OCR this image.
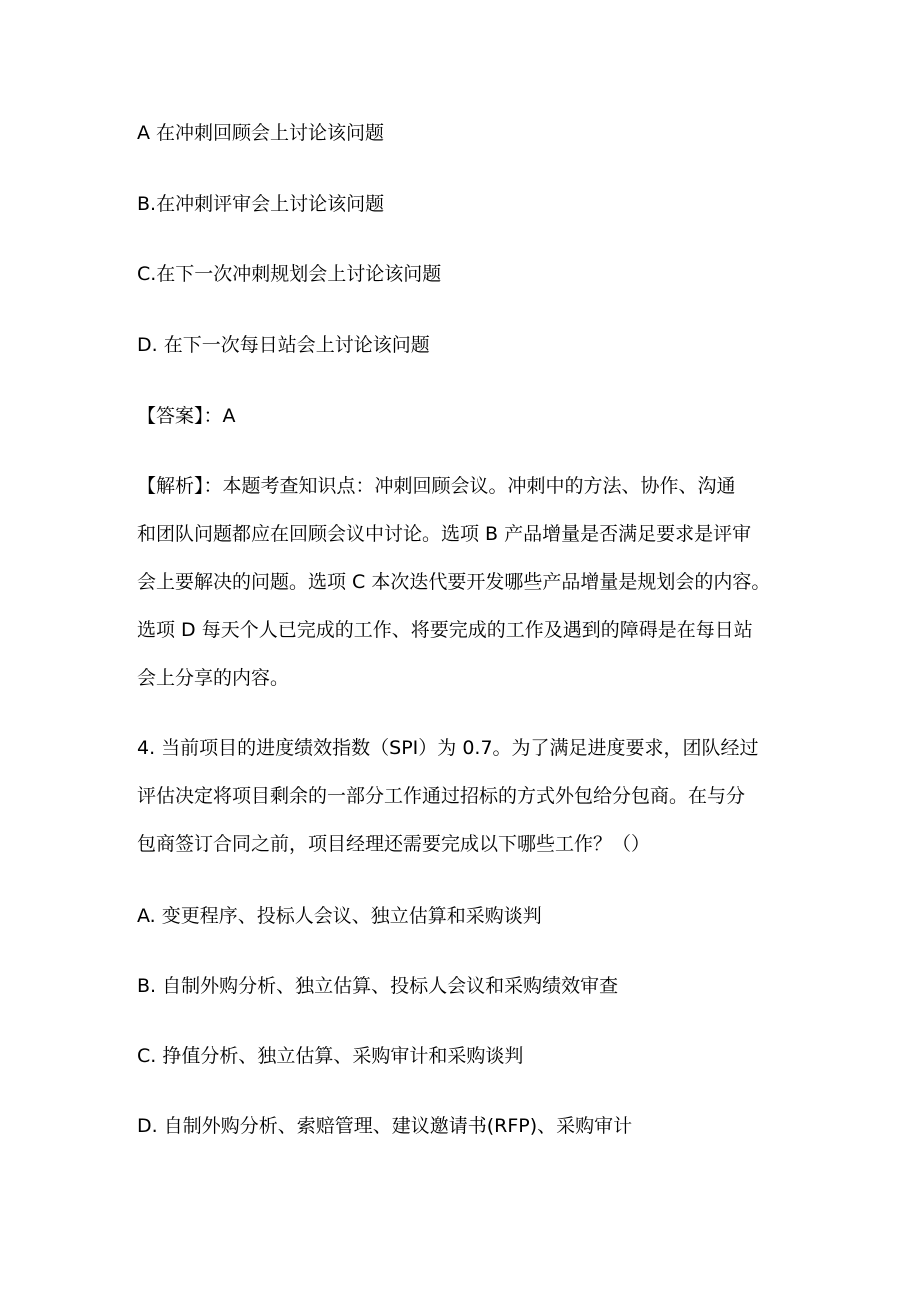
A 在冲刺回顾会上讨论该问题
B.在冲刺评审会上讨论该问题
C.在下一次冲刺规划会上讨论该问题
D. 在下一次每日站会上讨论该问题
【答案】：A
【解析】：本题考查知识点：冲刺回顾会议。冲刺中的方法、协作、沟通
和团队问题都应在回顾会议中讨论。选项 B 产品增量是否满足要求是评审
会上要解决的问题。选项 C 本次迭代要开发哪些产品增量是规划会的内容。
选项 D 每天个人已完成的工作、将要完成的工作及遇到的障碍是在每日站
会上分享的内容。
4. 当前项目的进度绩效指数（SPI）为 0.7。为了满足进度要求，团队经过
评估决定将项目剩余的一部分工作通过招标的方式外包给分包商。在与分
包商签订合同之前，项目经理还需要完成以下哪些工作？（）
A. 变更程序、投标人会议、独立估算和采购谈判
B. 自制外购分析、独立估算、投标人会议和采购绩效审查
C. 挣值分析、独立估算、采购审计和采购谈判
D. 自制外购分析、索赔管理、建议邀请书(RFP)、采购审计
